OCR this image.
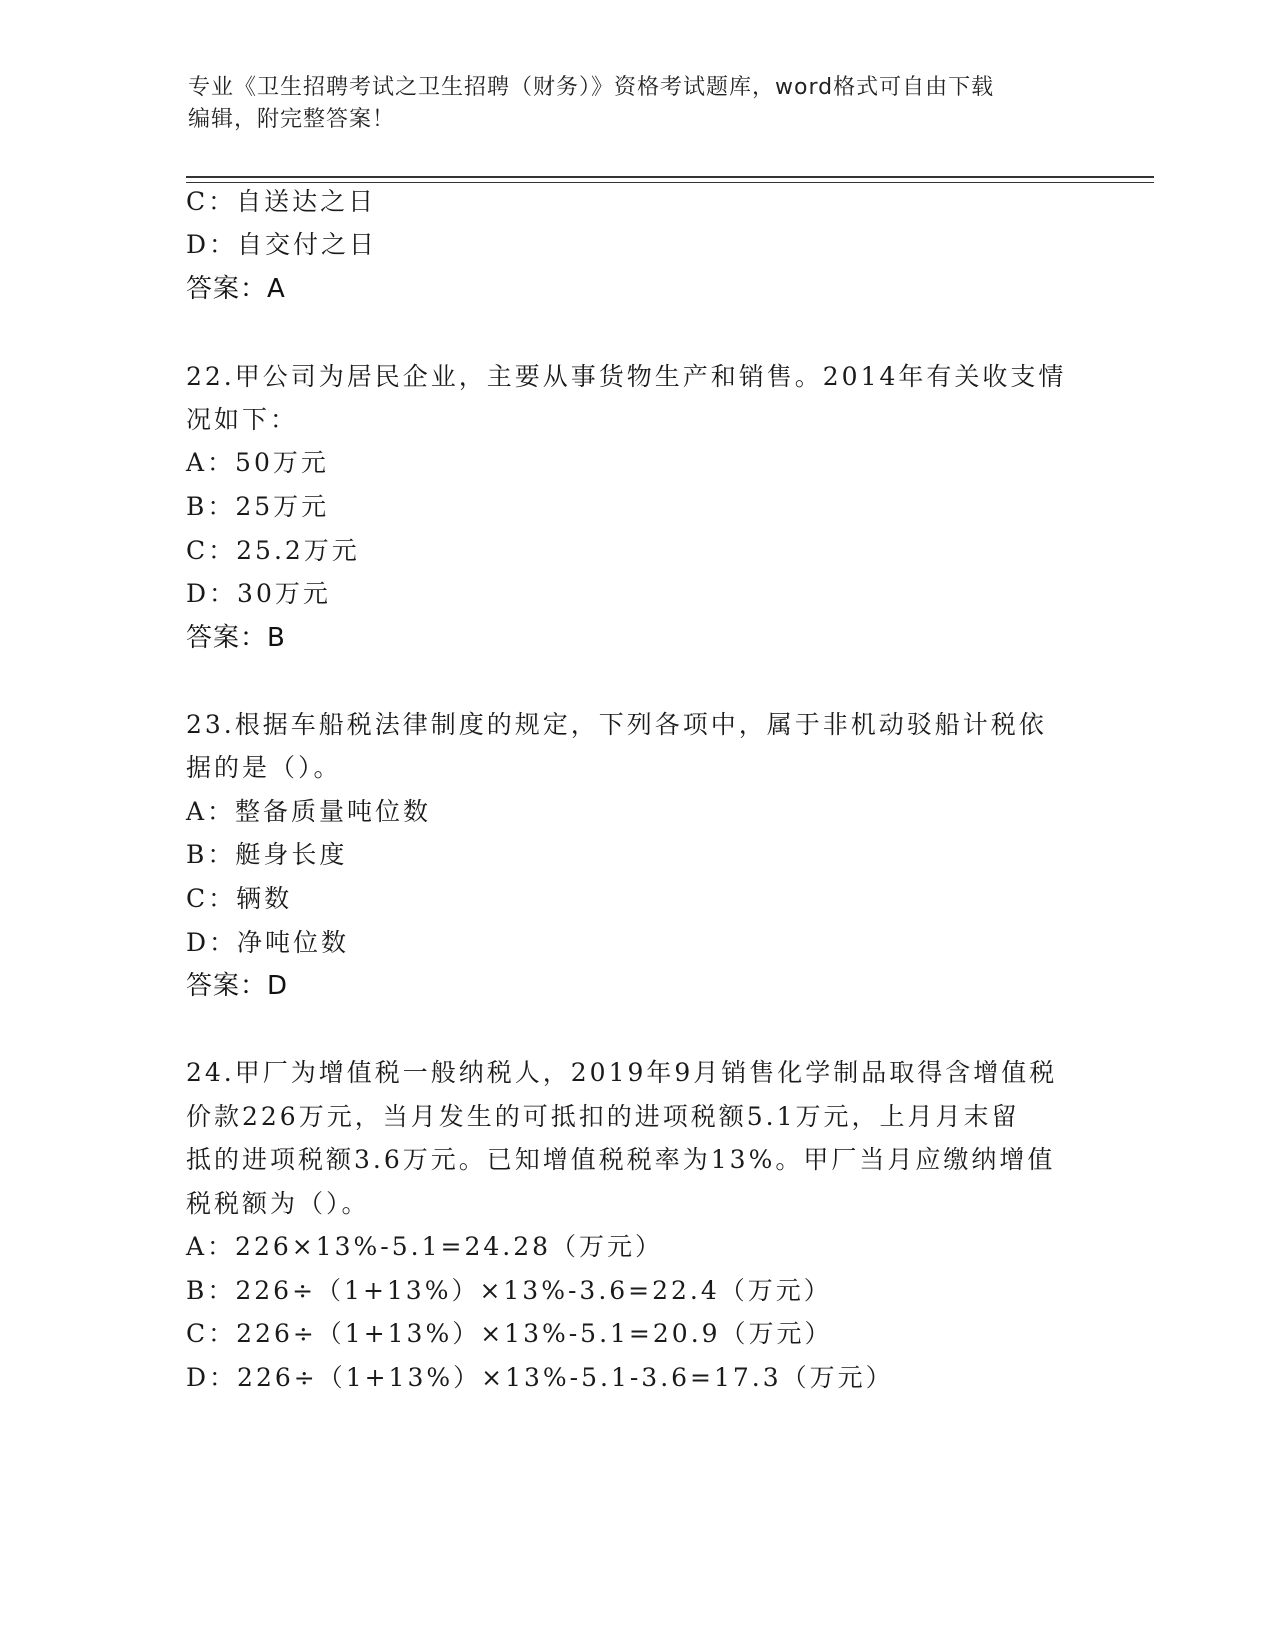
专业《卫生招聘考试之卫生招聘（财务）》资格考试题库，word格式可自由下载
编辑，附完整答案！
C：自送达之日
D：自交付之日
答案：A
22.甲公司为居民企业，主要从事货物生产和销售。2014年有关收支情
况如下：
A：50万元
B：25万元
C：25.2万元
D：30万元
答案：B
23.根据车船税法律制度的规定，下列各项中，属于非机动驳船计税依
据的是（）。
A：整备质量吨位数
B：艇身长度
C：辆数
D：净吨位数
答案：D
24.甲厂为增值税一般纳税人，2019年9月销售化学制品取得含增值税
价款226万元，当月发生的可抵扣的进项税额5.1万元，上月月末留
抵的进项税额3.6万元。已知增值税税率为13%。甲厂当月应缴纳增值
税税额为（）。
A：226×13%-5.1=24.28（万元）
B：226÷（1+13%）×13%-3.6=22.4（万元）
C：226÷（1+13%）×13%-5.1=20.9（万元）
D：226÷（1+13%）×13%-5.1-3.6=17.3（万元）
